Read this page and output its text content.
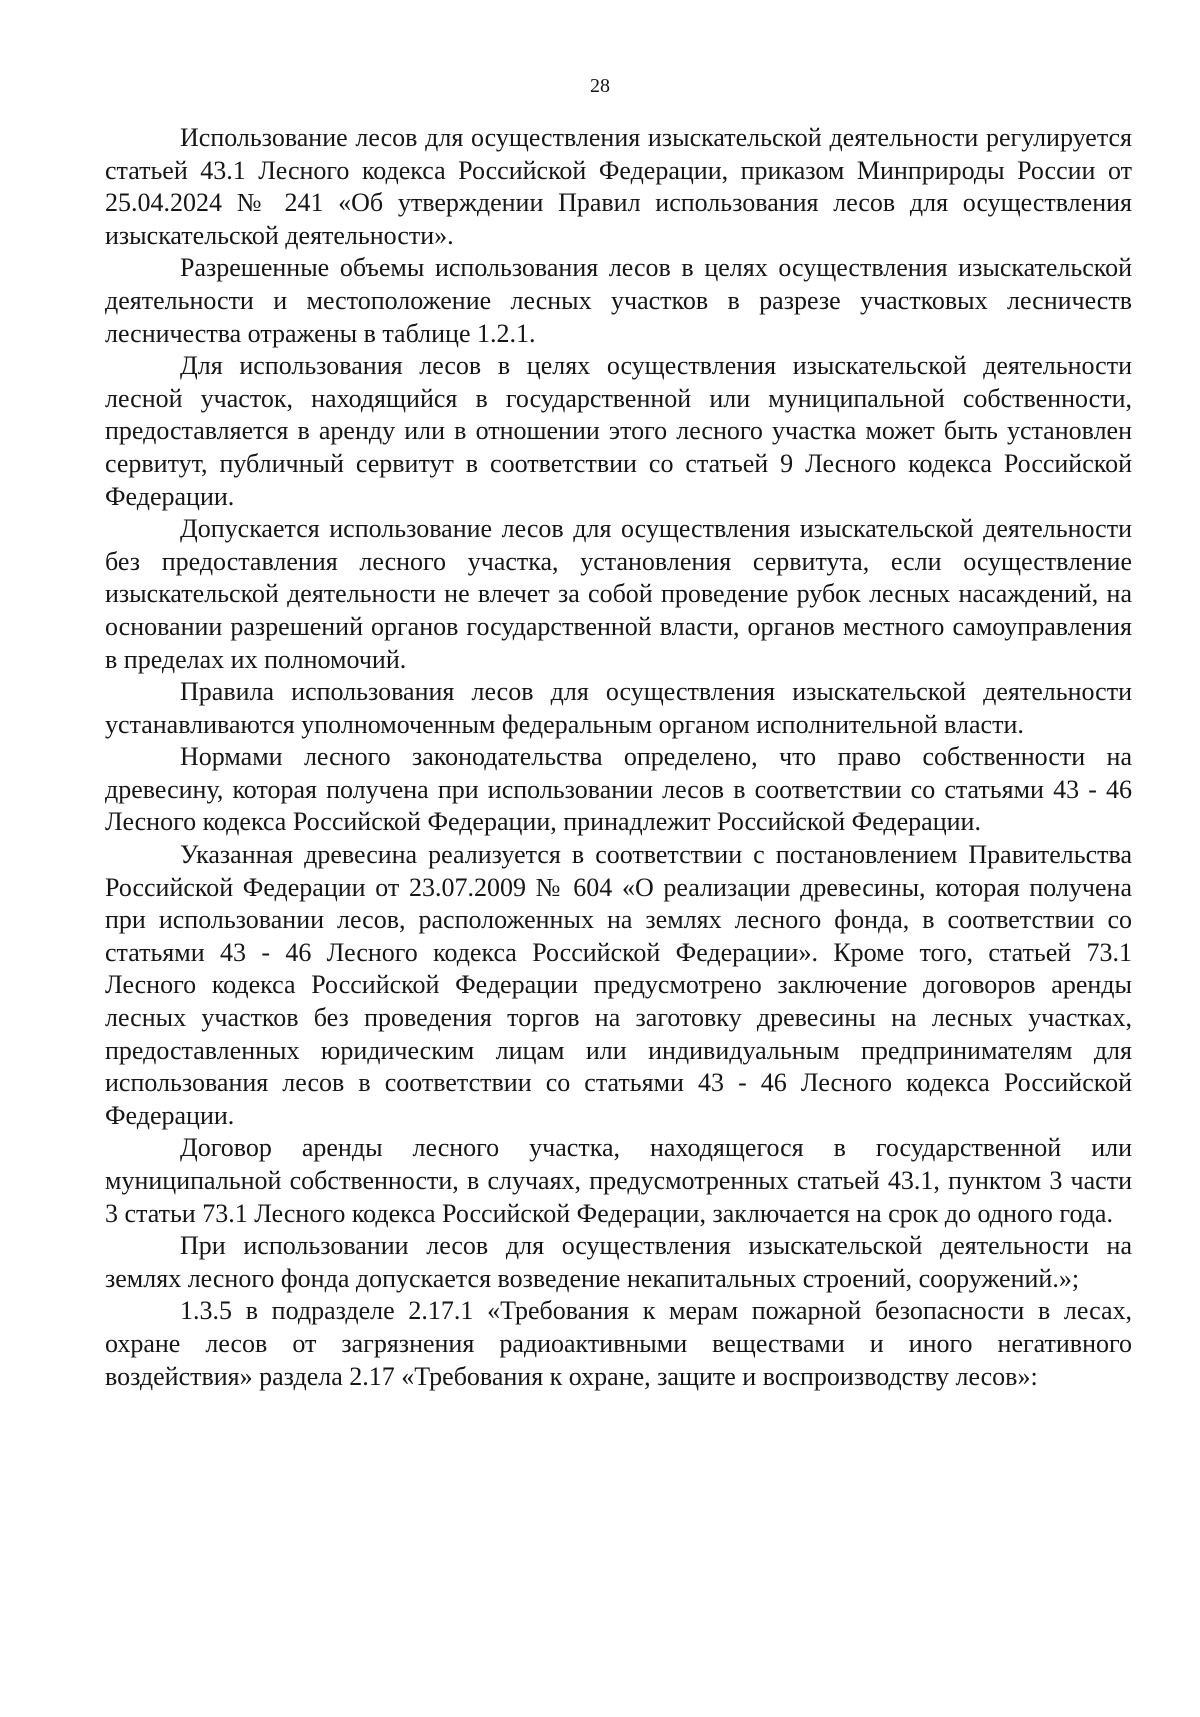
28

Использование лесов для осуществления изыскательской деятельности регулируется статьей 43.1 Лесного кодекса Российской Федерации, приказом Минприроды России от 25.04.2024 № 241 «Об утверждении Правил использования лесов для осуществления изыскательской деятельности».

Разрешенные объемы использования лесов в целях осуществления изыскательской деятельности и местоположение лесных участков в разрезе участковых лесничеств лесничества отражены в таблице 1.2.1.

Для использования лесов в целях осуществления изыскательской деятельности лесной участок, находящийся в государственной или муниципальной собственности, предоставляется в аренду или в отношении этого лесного участка может быть установлен сервитут, публичный сервитут в соответствии со статьей 9 Лесного кодекса Российской Федерации.

Допускается использование лесов для осуществления изыскательской деятельности без предоставления лесного участка, установления сервитута, если осуществление изыскательской деятельности не влечет за собой проведение рубок лесных насаждений, на основании разрешений органов государственной власти, органов местного самоуправления в пределах их полномочий.

Правила использования лесов для осуществления изыскательской деятельности устанавливаются уполномоченным федеральным органом исполнительной власти.

Нормами лесного законодательства определено, что право собственности на древесину, которая получена при использовании лесов в соответствии со статьями 43 - 46 Лесного кодекса Российской Федерации, принадлежит Российской Федерации.

Указанная древесина реализуется в соответствии с постановлением Правительства Российской Федерации от 23.07.2009 № 604 «О реализации древесины, которая получена при использовании лесов, расположенных на землях лесного фонда, в соответствии со статьями 43 - 46 Лесного кодекса Российской Федерации». Кроме того, статьей 73.1 Лесного кодекса Российской Федерации предусмотрено заключение договоров аренды лесных участков без проведения торгов на заготовку древесины на лесных участках, предоставленных юридическим лицам или индивидуальным предпринимателям для использования лесов в соответствии со статьями 43 - 46 Лесного кодекса Российской Федерации.

Договор аренды лесного участка, находящегося в государственной или муниципальной собственности, в случаях, предусмотренных статьей 43.1, пунктом 3 части 3 статьи 73.1 Лесного кодекса Российской Федерации, заключается на срок до одного года.

При использовании лесов для осуществления изыскательской деятельности на землях лесного фонда допускается возведение некапитальных строений, сооружений.»;

1.3.5 в подразделе 2.17.1 «Требования к мерам пожарной безопасности в лесах, охране лесов от загрязнения радиоактивными веществами и иного негативного воздействия» раздела 2.17 «Требования к охране, защите и воспроизводству лесов»:
